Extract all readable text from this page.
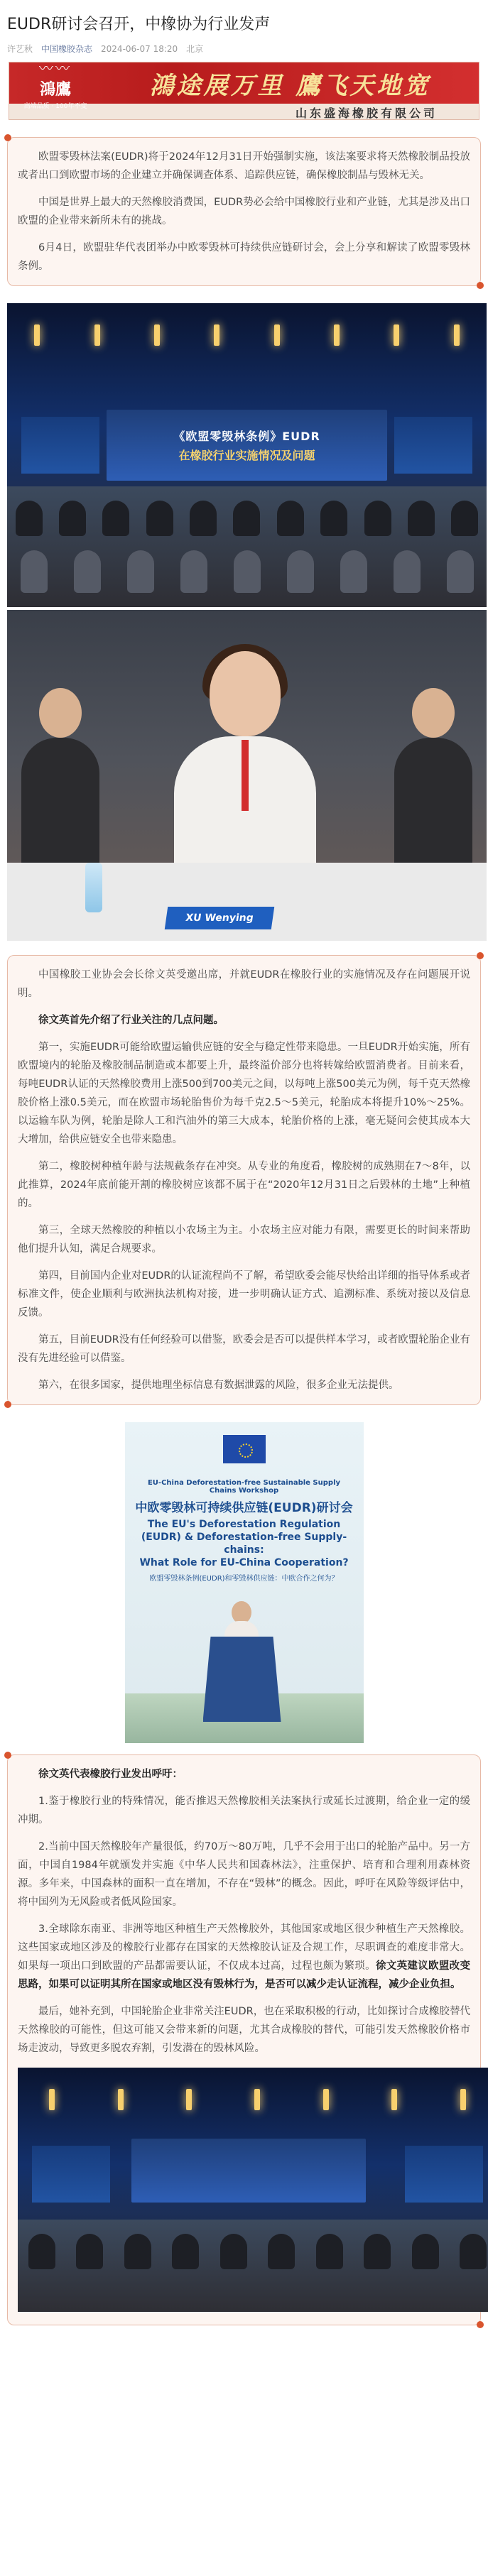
EUDR研讨会召开，中橡协为行业发声
许艺秋 中国橡胶杂志 2024-06-07 18:20 北京
〰︎〰︎
鴻鷹
高端品质 · 100年不变
鴻途展万里 鷹飞天地宽
山东盛海橡胶有限公司

欧盟零毁林法案(EUDR)将于2024年12月31日开始强制实施，该法案要求将天然橡胶制品投放或者出口到欧盟市场的企业建立并确保调查体系、追踪供应链，确保橡胶制品与毁林无关。

中国是世界上最大的天然橡胶消费国，EUDR势必会给中国橡胶行业和产业链，尤其是涉及出口欧盟的企业带来新所未有的挑战。

6月4日，欧盟驻华代表团举办中欧零毁林可持续供应链研讨会，会上分享和解读了欧盟零毁林条例。

《欧盟零毁林条例》EUDR
在橡胶行业实施情况及问题
XU Wenying

中国橡胶工业协会会长徐文英受邀出席，并就EUDR在橡胶行业的实施情况及存在问题展开说明。

徐文英首先介绍了行业关注的几点问题。

第一，实施EUDR可能给欧盟运输供应链的安全与稳定性带来隐患。一旦EUDR开始实施，所有欧盟境内的轮胎及橡胶制品制造或本都要上升，最终溢价部分也将转嫁给欧盟消费者。目前来看，每吨EUDR认证的天然橡胶费用上涨500到700美元之间，以每吨上涨500美元为例，每千克天然橡胶价格上涨0.5美元，而在欧盟市场轮胎售价为每千克2.5～5美元，轮胎成本将提升10%～25%。以运输车队为例，轮胎是除人工和汽油外的第三大成本，轮胎价格的上涨，毫无疑问会使其成本大大增加，给供应链安全也带来隐患。

第二，橡胶树种植年龄与法规截条存在冲突。从专业的角度看，橡胶树的成熟期在7～8年，以此推算，2024年底前能开割的橡胶树应该都不属于在“2020年12月31日之后毁林的土地”上种植的。

第三，全球天然橡胶的种植以小农场主为主。小农场主应对能力有限，需要更长的时间来帮助他们提升认知，满足合规要求。

第四，目前国内企业对EUDR的认证流程尚不了解，希望欧委会能尽快给出详细的指导体系或者标准文件，使企业顺利与欧洲执法机构对接，进一步明确认证方式、追溯标准、系统对接以及信息反馈。

第五，目前EUDR没有任何经验可以借鉴，欧委会是否可以提供样本学习，或者欧盟轮胎企业有没有先进经验可以借鉴。

第六，在很多国家，提供地理坐标信息有数据泄露的风险，很多企业无法提供。

EU-China Deforestation-free Sustainable Supply Chains Workshop
中欧零毁林可持续供应链(EUDR)研讨会
The EU's Deforestation Regulation (EUDR) & Deforestation-free Supply-chains:
What Role for EU-China Cooperation?
欧盟零毁林条例(EUDR)和零毁林供应链：中欧合作之何为？

徐文英代表橡胶行业发出呼吁：

1.鉴于橡胶行业的特殊情况，能否推迟天然橡胶相关法案执行或延长过渡期，给企业一定的缓冲期。

2.当前中国天然橡胶年产量很低，约70万～80万吨，几乎不会用于出口的轮胎产品中。另一方面，中国自1984年就颁发并实施《中华人民共和国森林法》，注重保护、培育和合理利用森林资源。多年来，中国森林的面积一直在增加，不存在“毁林”的概念。因此，呼吁在风险等级评估中，将中国列为无风险或者低风险国家。

3.全球除东南亚、非洲等地区种植生产天然橡胶外，其他国家或地区很少种植生产天然橡胶。这些国家或地区涉及的橡胶行业都存在国家的天然橡胶认证及合规工作，尽职调查的难度非常大。如果每一项出口到欧盟的产品都需要认证，不仅成本过高，过程也颇为繁琐。徐文英建议欧盟改变思路，如果可以证明其所在国家或地区没有毁林行为，是否可以减少走认证流程，减少企业负担。

最后，她补充到，中国轮胎企业非常关注EUDR，也在采取积极的行动，比如探讨合成橡胶替代天然橡胶的可能性，但这可能又会带来新的问题，尤其合成橡胶的替代，可能引发天然橡胶价格市场走波动，导致更多脱农弃割，引发潜在的毁林风险。
